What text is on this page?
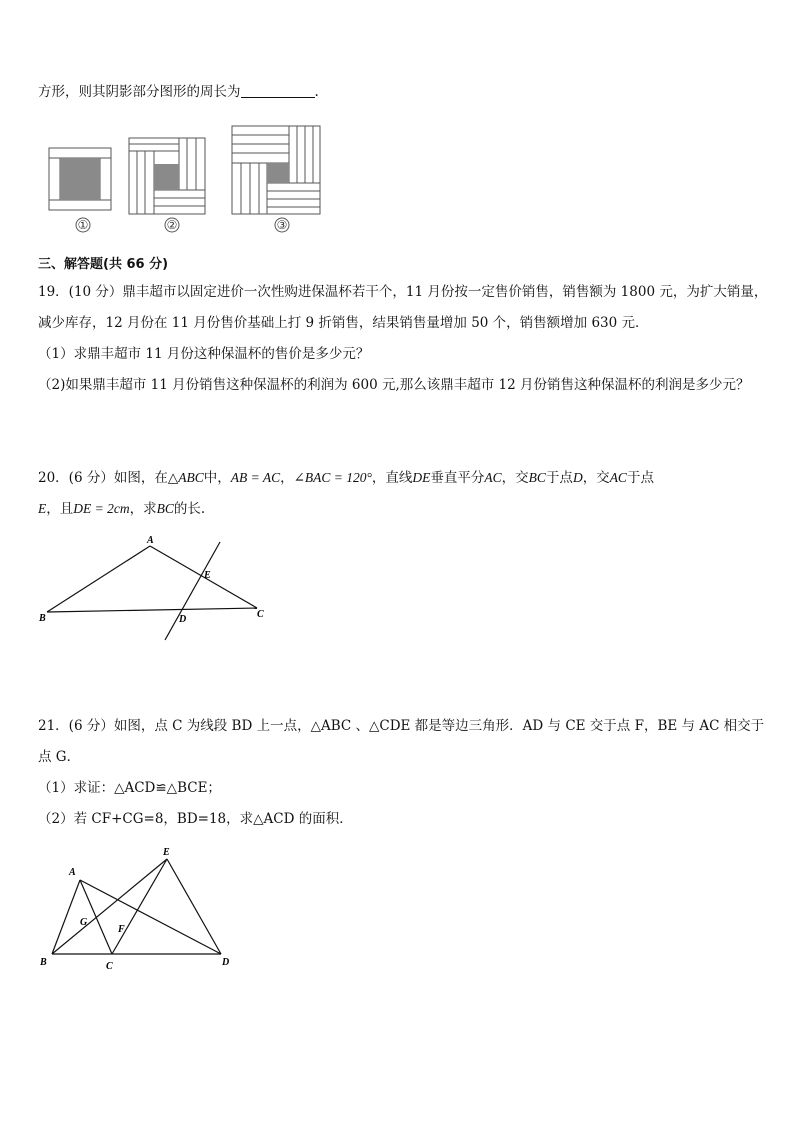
方形，则其阴影部分图形的周长为	.
①	②	③
三、解答题(共 66 分)
19．(10 分）鼎丰超市以固定进价一次性购进保温杯若干个，11 月份按一定售价销售，销售额为 1800 元，为扩大销量，
减少库存，12 月份在 11 月份售价基础上打 9 折销售，结果销售量增加 50 个，销售额增加 630 元．
（1）求鼎丰超市 11 月份这种保温杯的售价是多少元？
（2)如果鼎丰超市 11 月份销售这种保温杯的利润为 600 元,那么该鼎丰超市 12 月份销售这种保温杯的利润是多少元？
20．(6 分）如图，在△ABC中，AB = AC，∠BAC = 120°，直线DE垂直平分AC，交BC于点D，交AC于点
E，且DE = 2cm，求BC的长.
A
B	C
D
E
21．(6 分）如图，点 C 为线段 BD 上一点，△ABC 、△CDE 都是等边三角形．AD 与 CE 交于点 F，BE 与 AC 相交于
点 G．
（1）求证：△ACD≌△BCE；
（2）若 CF+CG=8，BD=18，求△ACD 的面积．
E
A
G
F
B	C	D
